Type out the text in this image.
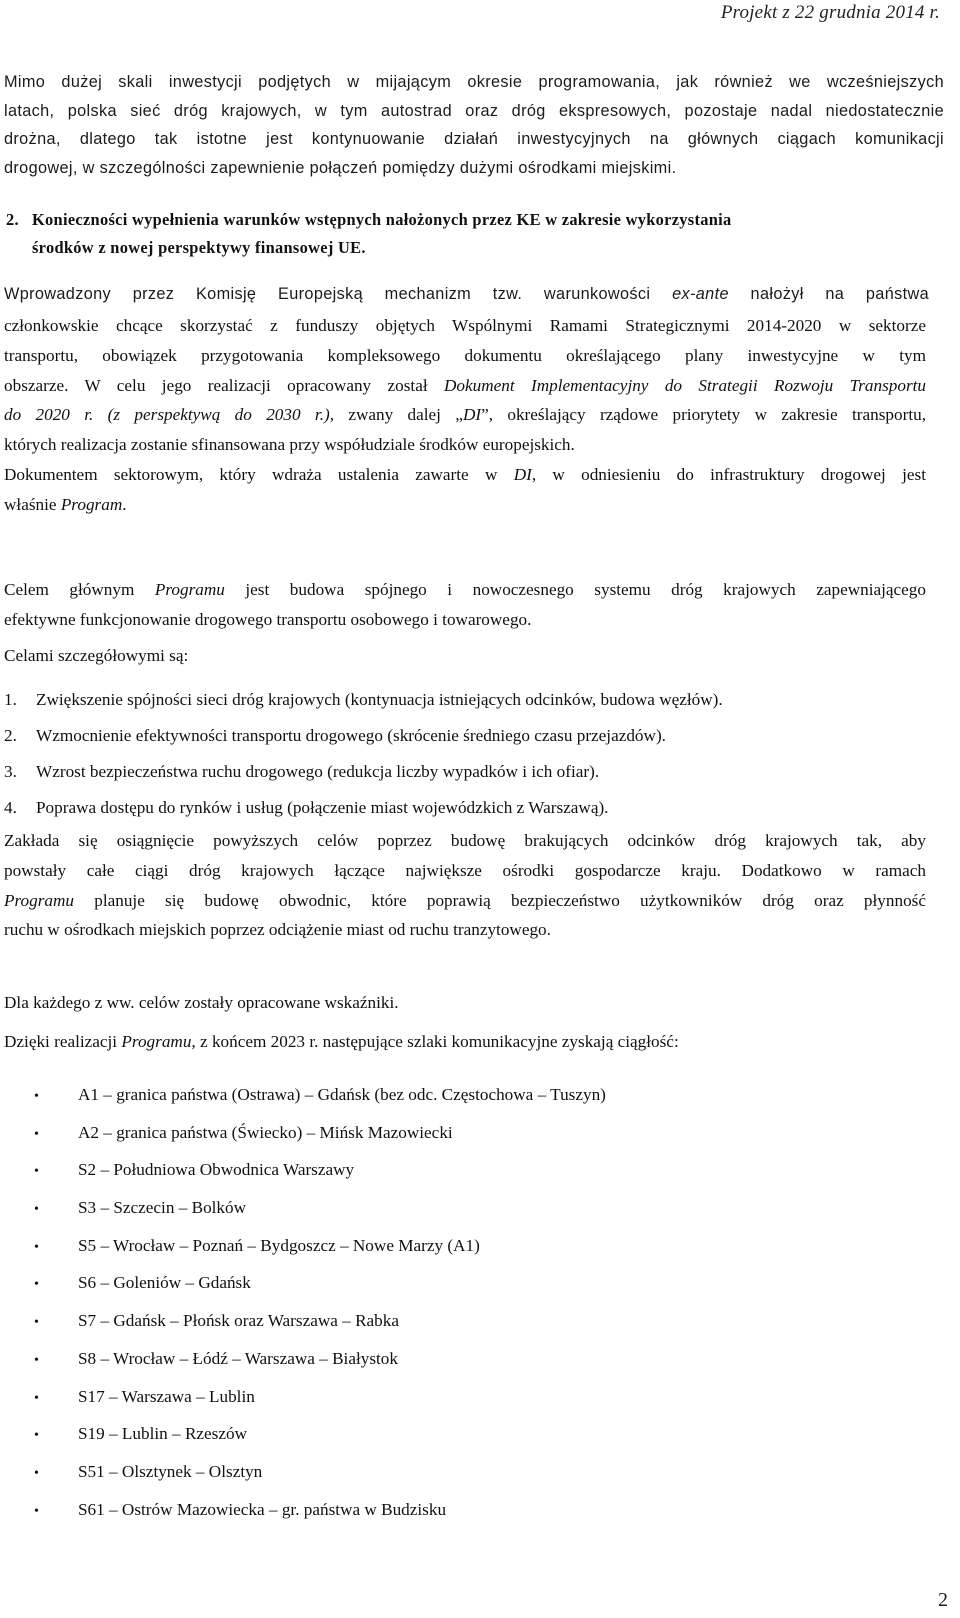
Projekt z 22 grudnia 2014 r.
Mimo dużej skali inwestycji podjętych w mijającym okresie programowania, jak również we wcześniejszych
latach, polska sieć dróg krajowych, w tym autostrad oraz dróg ekspresowych, pozostaje nadal niedostatecznie
drożna, dlatego tak istotne jest kontynuowanie działań inwestycyjnych na głównych ciągach komunikacji
drogowej, w szczególności zapewnienie połączeń pomiędzy dużymi ośrodkami miejskimi.
2. Konieczności wypełnienia warunków wstępnych nałożonych przez KE w zakresie wykorzystania
środków z nowej perspektywy finansowej UE.
Wprowadzony przez Komisję Europejską mechanizm tzw. warunkowości ex-ante nałożył na państwa
członkowskie chcące skorzystać z funduszy objętych Wspólnymi Ramami Strategicznymi 2014-2020 w sektorze
transportu, obowiązek przygotowania kompleksowego dokumentu określającego plany inwestycyjne w tym
obszarze. W celu jego realizacji opracowany został Dokument Implementacyjny do Strategii Rozwoju Transportu
do 2020 r. (z perspektywą do 2030 r.), zwany dalej „DI”, określający rządowe priorytety w zakresie transportu,
których realizacja zostanie sfinansowana przy współudziale środków europejskich.
Dokumentem sektorowym, który wdraża ustalenia zawarte w DI, w odniesieniu do infrastruktury drogowej jest
właśnie Program.
Celem głównym Programu jest budowa spójnego i nowoczesnego systemu dróg krajowych zapewniającego
efektywne funkcjonowanie drogowego transportu osobowego i towarowego.
Celami szczegółowymi są:
1. Zwiększenie spójności sieci dróg krajowych (kontynuacja istniejących odcinków, budowa węzłów).
2. Wzmocnienie efektywności transportu drogowego (skrócenie średniego czasu przejazdów).
3. Wzrost bezpieczeństwa ruchu drogowego (redukcja liczby wypadków i ich ofiar).
4. Poprawa dostępu do rynków i usług (połączenie miast wojewódzkich z Warszawą).
Zakłada się osiągnięcie powyższych celów poprzez budowę brakujących odcinków dróg krajowych tak, aby
powstały całe ciągi dróg krajowych łączące największe ośrodki gospodarcze kraju. Dodatkowo w ramach
Programu planuje się budowę obwodnic, które poprawią bezpieczeństwo użytkowników dróg oraz płynność
ruchu w ośrodkach miejskich poprzez odciążenie miast od ruchu tranzytowego.
Dla każdego z ww. celów zostały opracowane wskaźniki.
Dzięki realizacji Programu, z końcem 2023 r. następujące szlaki komunikacyjne zyskają ciągłość:
• A1 – granica państwa (Ostrawa) – Gdańsk (bez odc. Częstochowa – Tuszyn)
• A2 – granica państwa (Świecko) – Mińsk Mazowiecki
• S2 – Południowa Obwodnica Warszawy
• S3 – Szczecin – Bolków
• S5 – Wrocław – Poznań – Bydgoszcz – Nowe Marzy (A1)
• S6 – Goleniów – Gdańsk
• S7 – Gdańsk – Płońsk oraz Warszawa – Rabka
• S8 – Wrocław – Łódź – Warszawa – Białystok
• S17 – Warszawa – Lublin
• S19 – Lublin – Rzeszów
• S51 – Olsztynek – Olsztyn
• S61 – Ostrów Mazowiecka – gr. państwa w Budzisku
2
